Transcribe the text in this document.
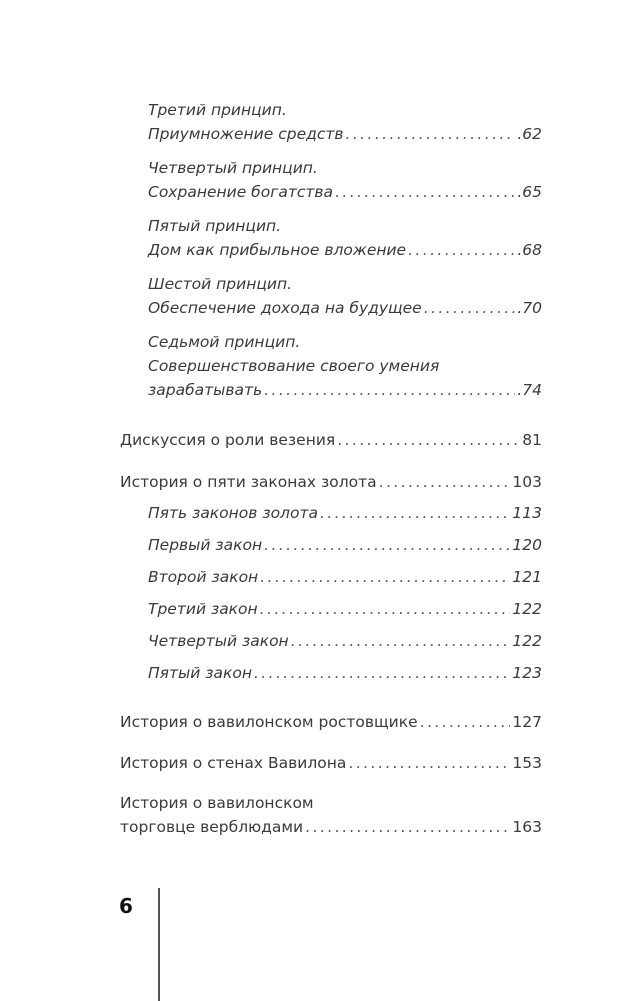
Третий принцип.
Приумножение средств .....	.62
Четвертый принцип.
Сохранение богатства .....	.65
Пятый принцип.
Дом как прибыльное вложение .....	.68
Шестой принцип.
Обеспечение дохода на будущее .....	.70
Седьмой принцип.
Совершенствование своего умения
зарабатывать .....	.74
Дискуссия о роли везения .....	81
История о пяти законах золота .....	103
Пять законов золота .....	113
Первый закон .....	120
Второй закон .....	121
Третий закон .....	122
Четвертый закон .....	122
Пятый закон .....	123
История о вавилонском ростовщике .....	127
История о стенах Вавилона .....	153
История о вавилонском
торговце верблюдами .....	163
6
